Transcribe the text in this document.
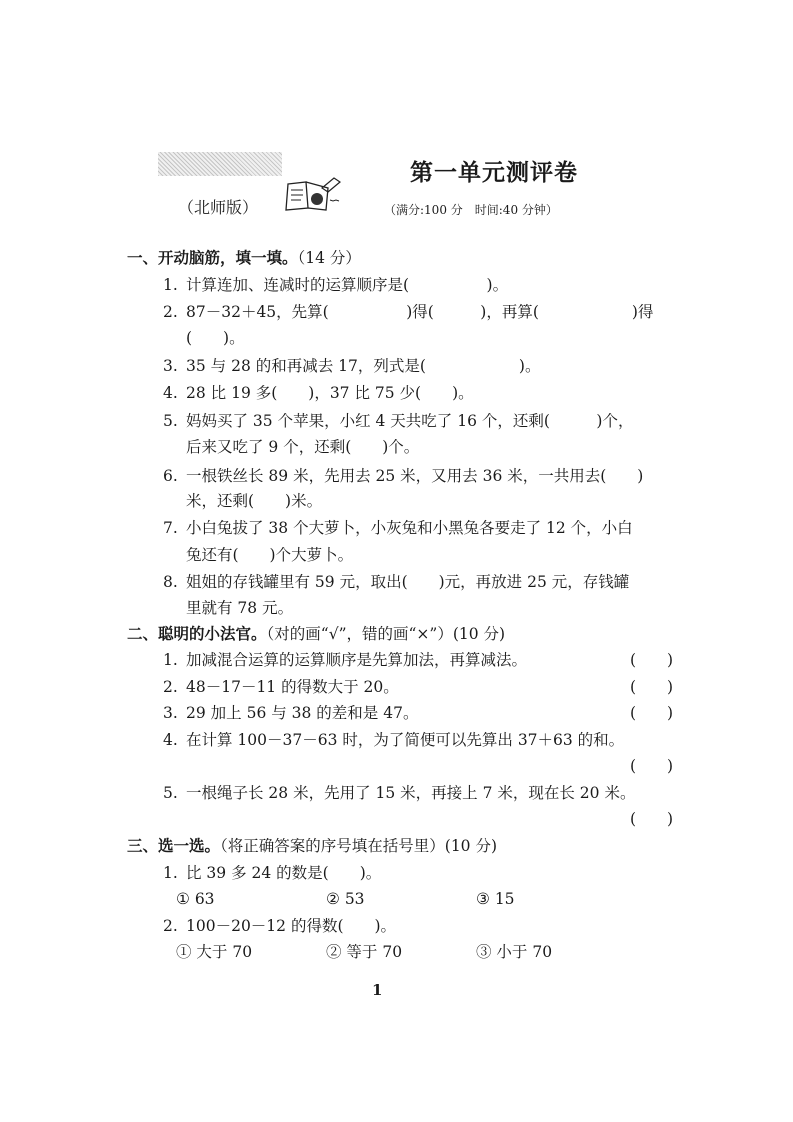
第一单元测评卷
（北师版）	（满分:100 分　时间:40 分钟）
一、开动脑筋，填一填。（14 分）
1. 计算连加、连减时的运算顺序是(　　　　　)。
2. 87－32＋45，先算(　　　　　)得(　　　)，再算(　　　　　　)得
(　　)。
3. 35 与 28 的和再减去 17，列式是(　　　　　　)。
4. 28 比 19 多(　　)，37 比 75 少(　　)。
5. 妈妈买了 35 个苹果，小红 4 天共吃了 16 个，还剩(　　　)个，
后来又吃了 9 个，还剩(　　)个。
6. 一根铁丝长 89 米，先用去 25 米，又用去 36 米，一共用去(　　)
米，还剩(　　)米。
7. 小白兔拔了 38 个大萝卜，小灰兔和小黑兔各要走了 12 个，小白
兔还有(　　)个大萝卜。
8. 姐姐的存钱罐里有 59 元，取出(　　)元，再放进 25 元，存钱罐
里就有 78 元。
二、聪明的小法官。（对的画“√”，错的画“×”）(10 分)
1. 加减混合运算的运算顺序是先算加法，再算减法。	(　　)
2. 48－17－11 的得数大于 20。	(　　)
3. 29 加上 56 与 38 的差和是 47。	(　　)
4. 在计算 100－37－63 时，为了简便可以先算出 37＋63 的和。
(　　)
5. 一根绳子长 28 米，先用了 15 米，再接上 7 米，现在长 20 米。
(　　)
三、选一选。（将正确答案的序号填在括号里）(10 分)
1. 比 39 多 24 的数是(　　)。

① 63

	② 53

	③ 15

2. 100－20－12 的得数(　　)。

① 大于 70

	② 等于 70

	③ 小于 70

1
